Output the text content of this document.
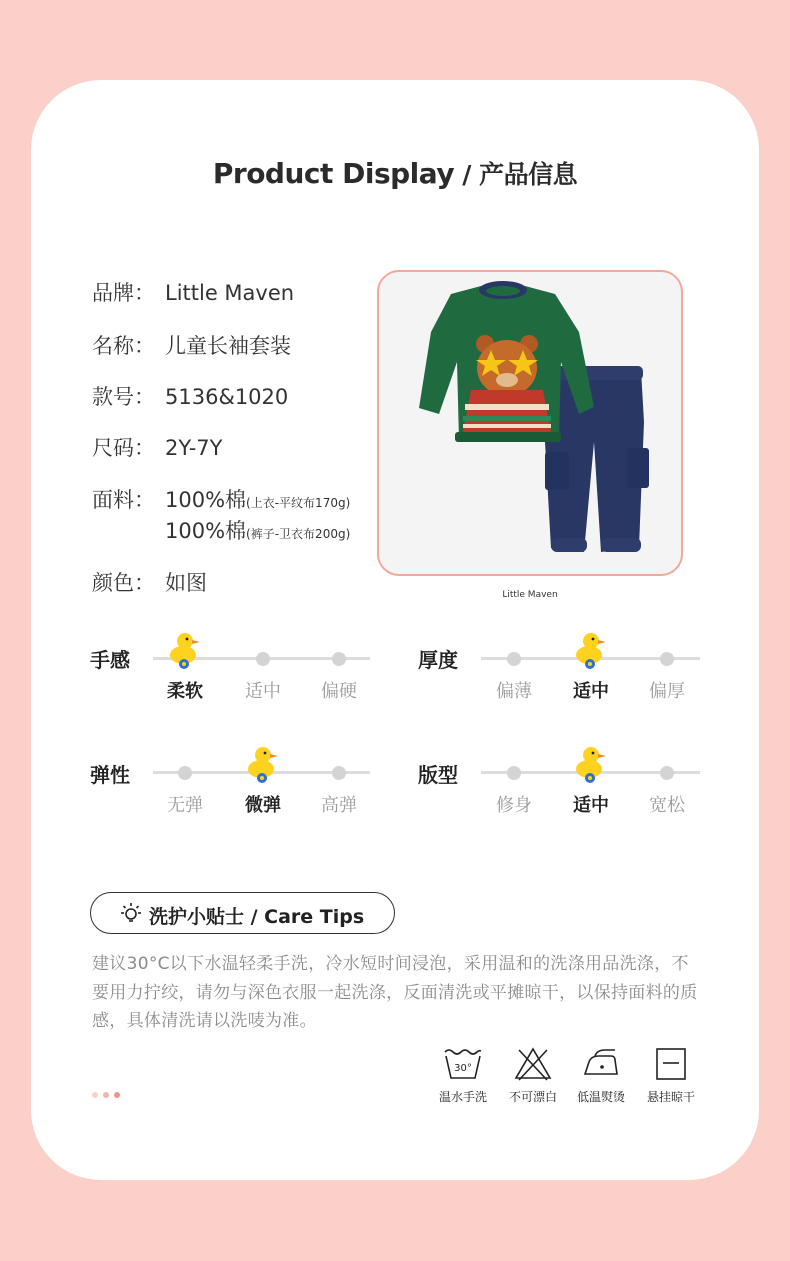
Product Display / 产品信息
品牌： Little Maven
名称： 儿童长袖套装
款号： 5136&1020
尺码： 2Y-7Y
面料： 100%棉(上衣-平纹布170g)
100%棉(裤子-卫衣布200g)
颜色： 如图	Little Maven
手感
柔软	适中	偏硬
厚度
偏薄	适中	偏厚
弹性
无弹	微弹	高弹
版型
修身	适中	宽松
洗护小贴士 / Care Tips
建议30°C以下水温轻柔手洗，冷水短时间浸泡，采用温和的洗涤用品洗涤，不要用力拧绞，请勿与深色衣服一起洗涤，反面清洗或平摊晾干，以保持面料的质感，具体清洗请以洗唛为准。
30°
温水手洗	不可漂白	低温熨烫	悬挂晾干
